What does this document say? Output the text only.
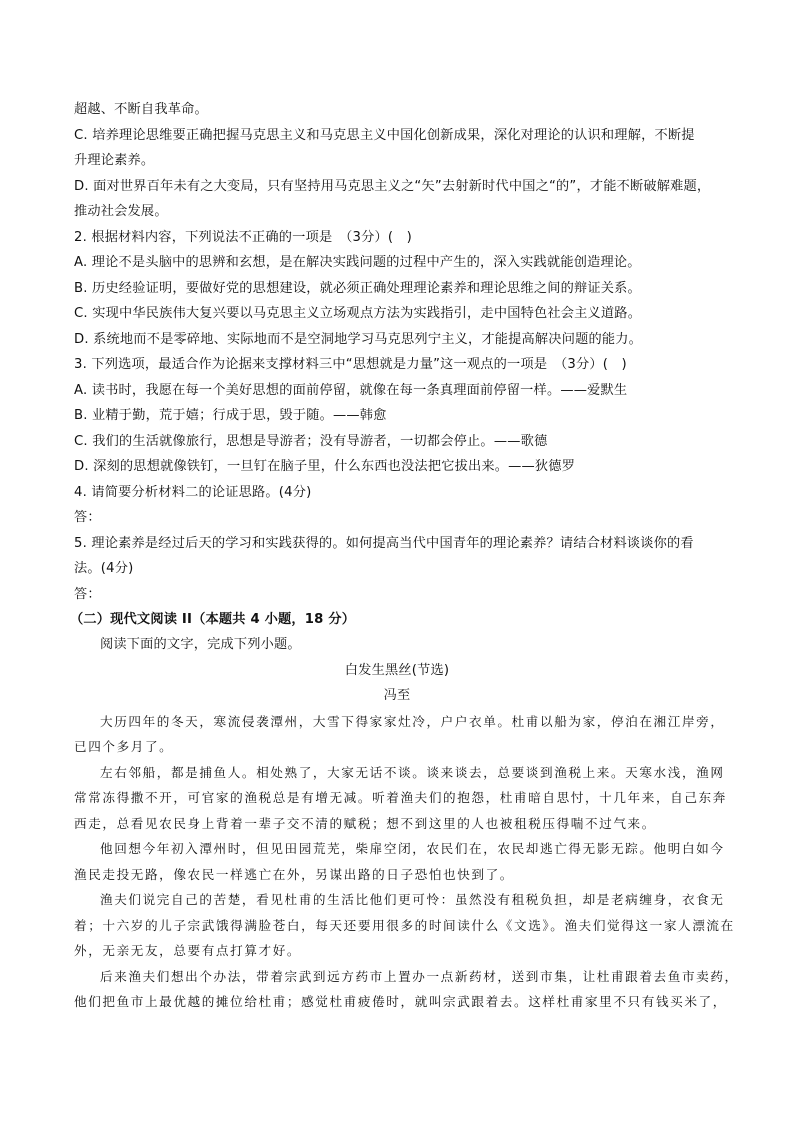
超越、不断自我革命。
C. 培养理论思维要正确把握马克思主义和马克思主义中国化创新成果，深化对理论的认识和理解，不断提
升理论素养。
D. 面对世界百年未有之大变局，只有坚持用马克思主义之“矢”去射新时代中国之“的”，才能不断破解难题，
推动社会发展。
2. 根据材料内容，下列说法不正确的一项是　（3分）(　)
A. 理论不是头脑中的思辨和玄想，是在解决实践问题的过程中产生的，深入实践就能创造理论。
B. 历史经验证明，要做好党的思想建设，就必须正确处理理论素养和理论思维之间的辩证关系。
C. 实现中华民族伟大复兴要以马克思主义立场观点方法为实践指引，走中国特色社会主义道路。
D. 系统地而不是零碎地、实际地而不是空洞地学习马克思列宁主义，才能提高解决问题的能力。
3. 下列选项，最适合作为论据来支撑材料三中“思想就是力量”这一观点的一项是　（3分）(　)
A. 读书时，我愿在每一个美好思想的面前停留，就像在每一条真理面前停留一样。——爱默生
B. 业精于勤，荒于嬉；行成于思，毁于随。——韩愈
C. 我们的生活就像旅行，思想是导游者；没有导游者，一切都会停止。——歌德
D. 深刻的思想就像铁钉，一旦钉在脑子里，什么东西也没法把它拔出来。——狄德罗
4. 请简要分析材料二的论证思路。(4分)
答：
5. 理论素养是经过后天的学习和实践获得的。如何提高当代中国青年的理论素养？请结合材料谈谈你的看
法。(4分)
答：
（二）现代文阅读 II（本题共 4 小题，18 分）
阅读下面的文字，完成下列小题。
白发生黑丝(节选)
冯至
大历四年的冬天，寒流侵袭潭州，大雪下得家家灶冷，户户衣单。杜甫以船为家，停泊在湘江岸旁，
已四个多月了。
左右邻船，都是捕鱼人。相处熟了，大家无话不谈。谈来谈去，总要谈到渔税上来。天寒水浅，渔网
常常冻得撒不开，可官家的渔税总是有增无减。听着渔夫们的抱怨，杜甫暗自思忖，十几年来，自己东奔
西走，总看见农民身上背着一辈子交不清的赋税；想不到这里的人也被租税压得喘不过气来。
他回想今年初入潭州时，但见田园荒芜，柴扉空闭，农民们在，农民却逃亡得无影无踪。他明白如今
渔民走投无路，像农民一样逃亡在外，另谋出路的日子恐怕也快到了。
渔夫们说完自己的苦楚，看见杜甫的生活比他们更可怜：虽然没有租税负担，却是老病缠身，衣食无
着；十六岁的儿子宗武饿得满脸苍白，每天还要用很多的时间读什么《文选》。渔夫们觉得这一家人漂流在
外，无亲无友，总要有点打算才好。
后来渔夫们想出个办法，带着宗武到远方药市上置办一点新药材，送到市集，让杜甫跟着去鱼市卖药，
他们把鱼市上最优越的摊位给杜甫；感觉杜甫疲倦时，就叫宗武跟着去。这样杜甫家里不只有钱买米了，
